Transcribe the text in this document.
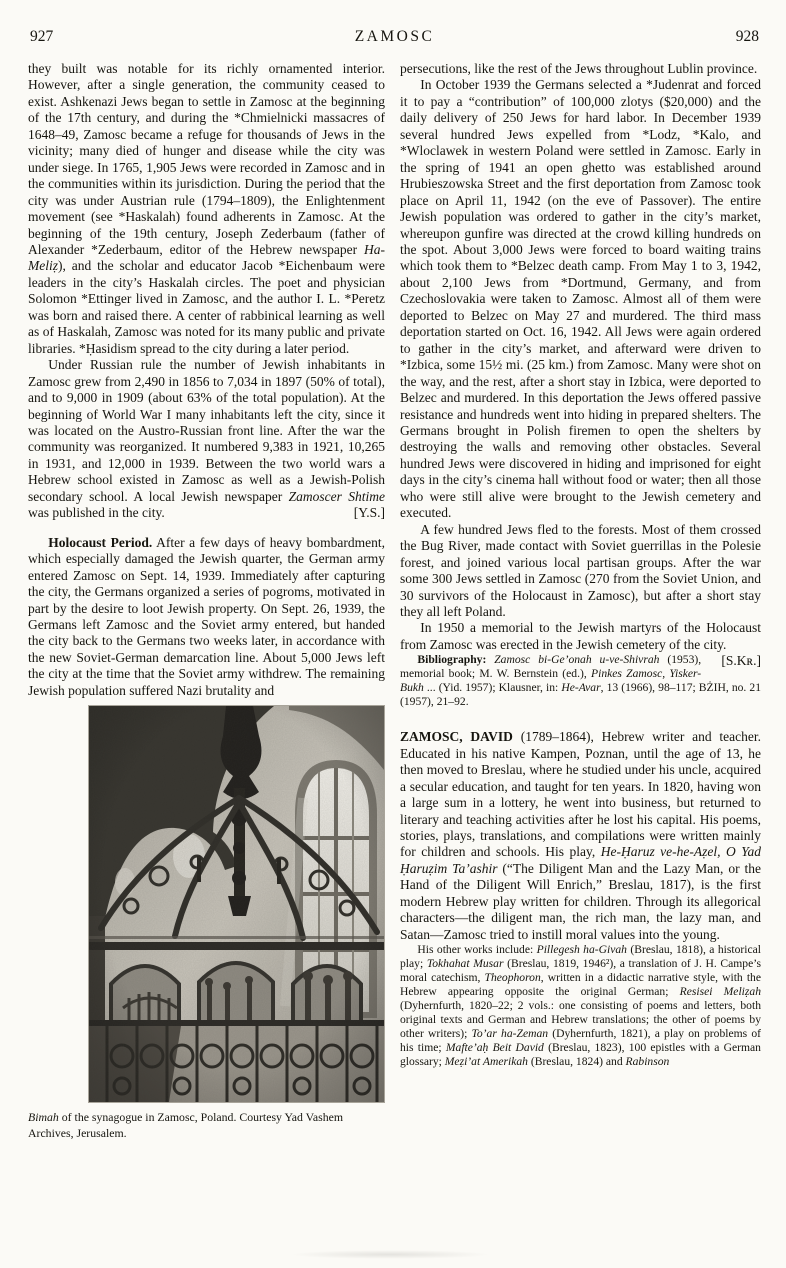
927	ZAMOSC	928

they built was notable for its richly ornamented interior. However, after a single generation, the community ceased to exist. Ashkenazi Jews began to settle in Zamosc at the beginning of the 17th century, and during the *Chmielnicki massacres of 1648–49, Zamosc became a refuge for thousands of Jews in the vicinity; many died of hunger and disease while the city was under siege. In 1765, 1,905 Jews were recorded in Zamosc and in the communities within its jurisdiction. During the period that the city was under Austrian rule (1794–1809), the Enlightenment movement (see *Haskalah) found adherents in Zamosc. At the beginning of the 19th century, Joseph Zederbaum (father of Alexander *Zederbaum, editor of the Hebrew newspaper Ha-Meliẓ), and the scholar and educator Jacob *Eichenbaum were leaders in the city’s Haskalah circles. The poet and physician Solomon *Ettinger lived in Zamosc, and the author I. L. *Peretz was born and raised there. A center of rabbinical learning as well as of Haskalah, Zamosc was noted for its many public and private libraries. *Ḥasidism spread to the city during a later period.

Under Russian rule the number of Jewish inhabitants in Zamosc grew from 2,490 in 1856 to 7,034 in 1897 (50% of total), and to 9,000 in 1909 (about 63% of the total population). At the beginning of World War I many inhabitants left the city, since it was located on the Austro-Russian front line. After the war the community was reorganized. It numbered 9,383 in 1921, 10,265 in 1931, and 12,000 in 1939. Between the two world wars a Hebrew school existed in Zamosc as well as a Jewish-Polish secondary school. A local Jewish newspaper Zamoscer Shtime was published in the city.	[Y.S.]

Holocaust Period. After a few days of heavy bombardment, which especially damaged the Jewish quarter, the German army entered Zamosc on Sept. 14, 1939. Immediately after capturing the city, the Germans organized a series of pogroms, motivated in part by the desire to loot Jewish property. On Sept. 26, 1939, the Germans left Zamosc and the Soviet army entered, but handed the city back to the Germans two weeks later, in accordance with the new Soviet-German demarcation line. About 5,000 Jews left the city at the time that the Soviet army withdrew. The remaining Jewish population suffered Nazi brutality and

Bimah of the synagogue in Zamosc, Poland. Courtesy Yad Vashem Archives, Jerusalem.

persecutions, like the rest of the Jews throughout Lublin province.

In October 1939 the Germans selected a *Judenrat and forced it to pay a “contribution” of 100,000 zlotys ($20,000) and the daily delivery of 250 Jews for hard labor. In December 1939 several hundred Jews expelled from *Lodz, *Kalo, and *Wloclawek in western Poland were settled in Zamosc. Early in the spring of 1941 an open ghetto was established around Hrubieszowska Street and the first deportation from Zamosc took place on April 11, 1942 (on the eve of Passover). The entire Jewish population was ordered to gather in the city’s market, whereupon gunfire was directed at the crowd killing hundreds on the spot. About 3,000 Jews were forced to board waiting trains which took them to *Belzec death camp. From May 1 to 3, 1942, about 2,100 Jews from *Dortmund, Germany, and from Czechoslovakia were taken to Zamosc. Almost all of them were deported to Belzec on May 27 and murdered. The third mass deportation started on Oct. 16, 1942. All Jews were again ordered to gather in the city’s market, and afterward were driven to *Izbica, some 15½ mi. (25 km.) from Zamosc. Many were shot on the way, and the rest, after a short stay in Izbica, were deported to Belzec and murdered. In this deportation the Jews offered passive resistance and hundreds went into hiding in prepared shelters. The Germans brought in Polish firemen to open the shelters by destroying the walls and removing other obstacles. Several hundred Jews were discovered in hiding and imprisoned for eight days in the city’s cinema hall without food or water; then all those who were still alive were brought to the Jewish cemetery and executed.

A few hundred Jews fled to the forests. Most of them crossed the Bug River, made contact with Soviet guerrillas in the Polesie forest, and joined various local partisan groups. After the war some 300 Jews settled in Zamosc (270 from the Soviet Union, and 30 survivors of the Holocaust in Zamosc), but after a short stay they all left Poland.

In 1950 a memorial to the Jewish martyrs of the Holocaust from Zamosc was erected in the Jewish cemetery of the city.
[S.Kʀ.]

Bibliography: Zamosc bi-Ge’onah u-ve-Shivrah (1953), memorial book; M. W. Bernstein (ed.), Pinkes Zamosc, Yisker-Bukh ... (Yid. 1957); Klausner, in: He-Avar, 13 (1966), 98–117; BŻIH, no. 21 (1957), 21–92.

ZAMOSC, DAVID (1789–1864), Hebrew writer and teacher. Educated in his native Kampen, Poznan, until the age of 13, he then moved to Breslau, where he studied under his uncle, acquired a secular education, and taught for ten years. In 1820, having won a large sum in a lottery, he went into business, but returned to literary and teaching activities after he lost his capital. His poems, stories, plays, translations, and compilations were written mainly for children and schools. His play, He-Ḥaruz ve-he-Aẓel, O Yad Ḥaruẓim Ta’ashir (“The Diligent Man and the Lazy Man, or the Hand of the Diligent Will Enrich,” Breslau, 1817), is the first modern Hebrew play written for children. Through its allegorical characters—the diligent man, the rich man, the lazy man, and Satan—Zamosc tried to instill moral values into the young.

His other works include: Pillegesh ha-Givah (Breslau, 1818), a historical play; Tokhahat Musar (Breslau, 1819, 1946²), a translation of J. H. Campe’s moral catechism, Theophoron, written in a didactic narrative style, with the Hebrew appearing opposite the original German; Resisei Meliẓah (Dyhernfurth, 1820–22; 2 vols.: one consisting of poems and letters, both original texts and German and Hebrew translations; the other of poems by other writers); To’ar ha-Zeman (Dyhernfurth, 1821), a play on problems of his time; Mafte’aḥ Beit David (Breslau, 1823), 100 epistles with a German glossary; Meẓi’at Amerikah (Breslau, 1824) and Rabinson
